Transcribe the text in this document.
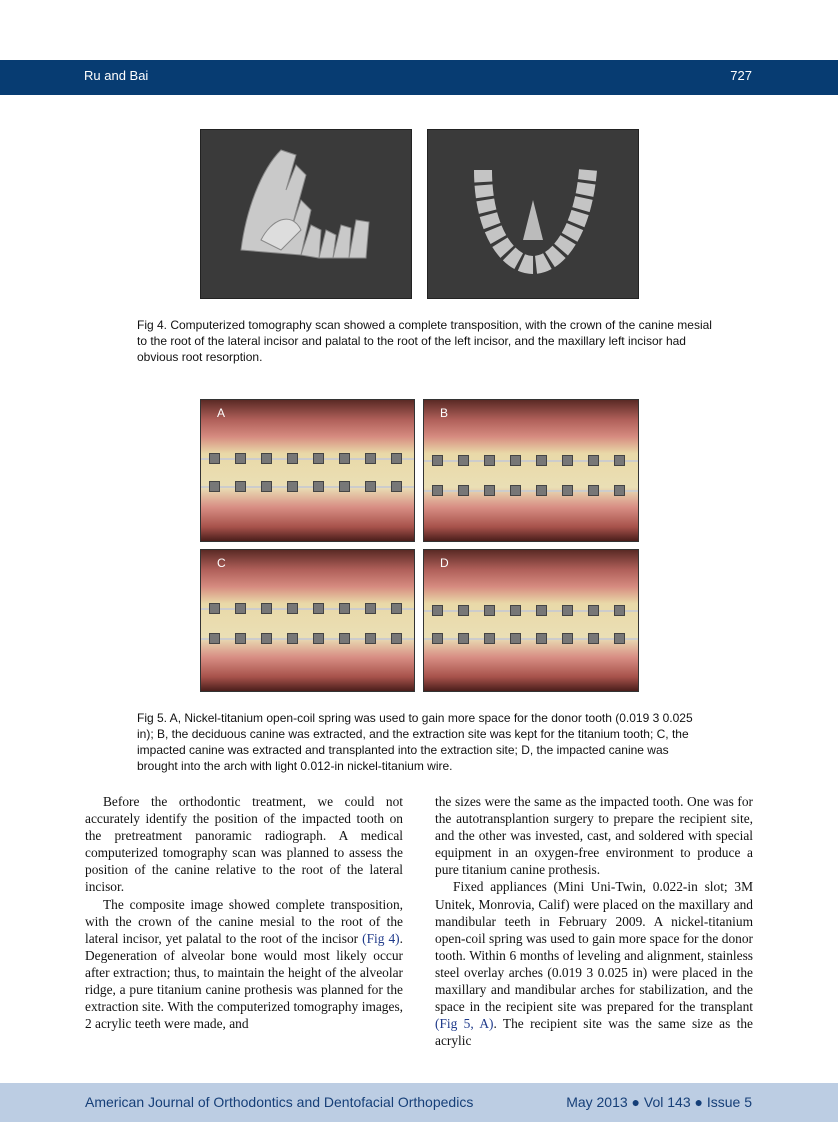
Ru and Bai	727
Fig 4. Computerized tomography scan showed a complete transposition, with the crown of the canine mesial to the root of the lateral incisor and palatal to the root of the left incisor, and the maxillary left incisor had obvious root resorption.
A	B
C	D
Fig 5. A, Nickel-titanium open-coil spring was used to gain more space for the donor tooth (0.019 3 0.025 in); B, the deciduous canine was extracted, and the extraction site was kept for the titanium tooth; C, the impacted canine was extracted and transplanted into the extraction site; D, the impacted canine was brought into the arch with light 0.012-in nickel-titanium wire.

Before the orthodontic treatment, we could not accurately identify the position of the impacted tooth on the pretreatment panoramic radiograph. A medical computerized tomography scan was planned to assess the position of the canine relative to the root of the lateral incisor.

The composite image showed complete transposition, with the crown of the canine mesial to the root of the lateral incisor, yet palatal to the root of the incisor (Fig 4). Degeneration of alveolar bone would most likely occur after extraction; thus, to maintain the height of the alveolar ridge, a pure titanium canine prothesis was planned for the extraction site. With the computerized tomography images, 2 acrylic teeth were made, and

the sizes were the same as the impacted tooth. One was for the autotransplantion surgery to prepare the recipient site, and the other was invested, cast, and soldered with special equipment in an oxygen-free environment to produce a pure titanium canine prothesis.

Fixed appliances (Mini Uni-Twin, 0.022-in slot; 3M Unitek, Monrovia, Calif) were placed on the maxillary and mandibular teeth in February 2009. A nickel-titanium open-coil spring was used to gain more space for the donor tooth. Within 6 months of leveling and alignment, stainless steel overlay arches (0.019 3 0.025 in) were placed in the maxillary and mandibular arches for stabilization, and the space in the recipient site was prepared for the transplant (Fig 5, A). The recipient site was the same size as the acrylic

American Journal of Orthodontics and Dentofacial Orthopedics	May 2013 ● Vol 143 ● Issue 5
